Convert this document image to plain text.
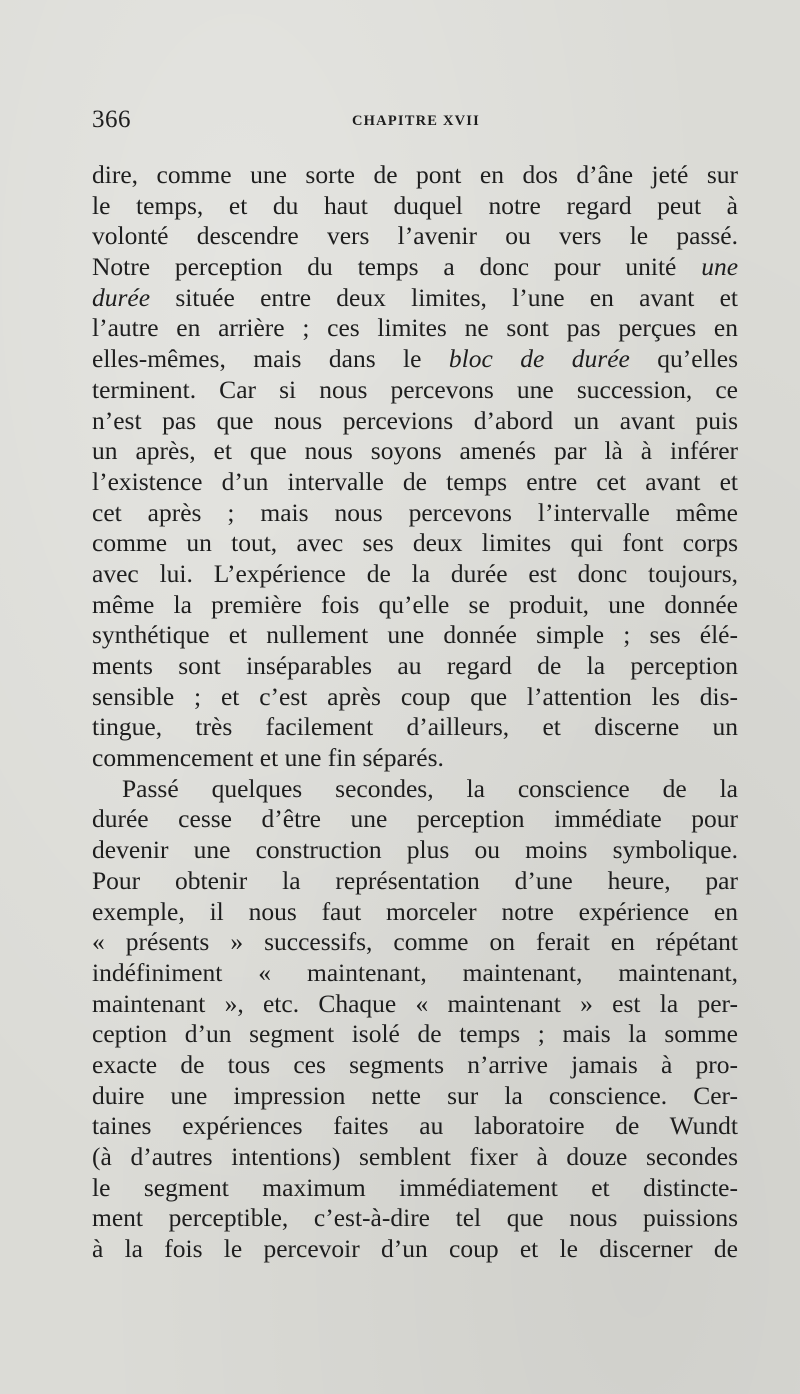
366	CHAPITRE XVII
dire, comme une sorte de pont en dos d’âne jeté sur
le temps, et du haut duquel notre regard peut à
volonté descendre vers l’avenir ou vers le passé.
Notre perception du temps a donc pour unité une
durée située entre deux limites, l’une en avant et
l’autre en arrière ; ces limites ne sont pas perçues en
elles-mêmes, mais dans le bloc de durée qu’elles
terminent. Car si nous percevons une succession, ce
n’est pas que nous percevions d’abord un avant puis
un après, et que nous soyons amenés par là à inférer
l’existence d’un intervalle de temps entre cet avant et
cet après ; mais nous percevons l’intervalle même
comme un tout, avec ses deux limites qui font corps
avec lui. L’expérience de la durée est donc toujours,
même la première fois qu’elle se produit, une donnée
synthétique et nullement une donnée simple ; ses élé-
ments sont inséparables au regard de la perception
sensible ; et c’est après coup que l’attention les dis-
tingue, très facilement d’ailleurs, et discerne un
commencement et une fin séparés.
Passé quelques secondes, la conscience de la
durée cesse d’être une perception immédiate pour
devenir une construction plus ou moins symbolique.
Pour obtenir la représentation d’une heure, par
exemple, il nous faut morceler notre expérience en
« présents » successifs, comme on ferait en répétant
indéfiniment « maintenant, maintenant, maintenant,
maintenant », etc. Chaque « maintenant » est la per-
ception d’un segment isolé de temps ; mais la somme
exacte de tous ces segments n’arrive jamais à pro-
duire une impression nette sur la conscience. Cer-
taines expériences faites au laboratoire de Wundt
(à d’autres intentions) semblent fixer à douze secondes
le segment maximum immédiatement et distincte-
ment perceptible, c’est-à-dire tel que nous puissions
à la fois le percevoir d’un coup et le discerner de
